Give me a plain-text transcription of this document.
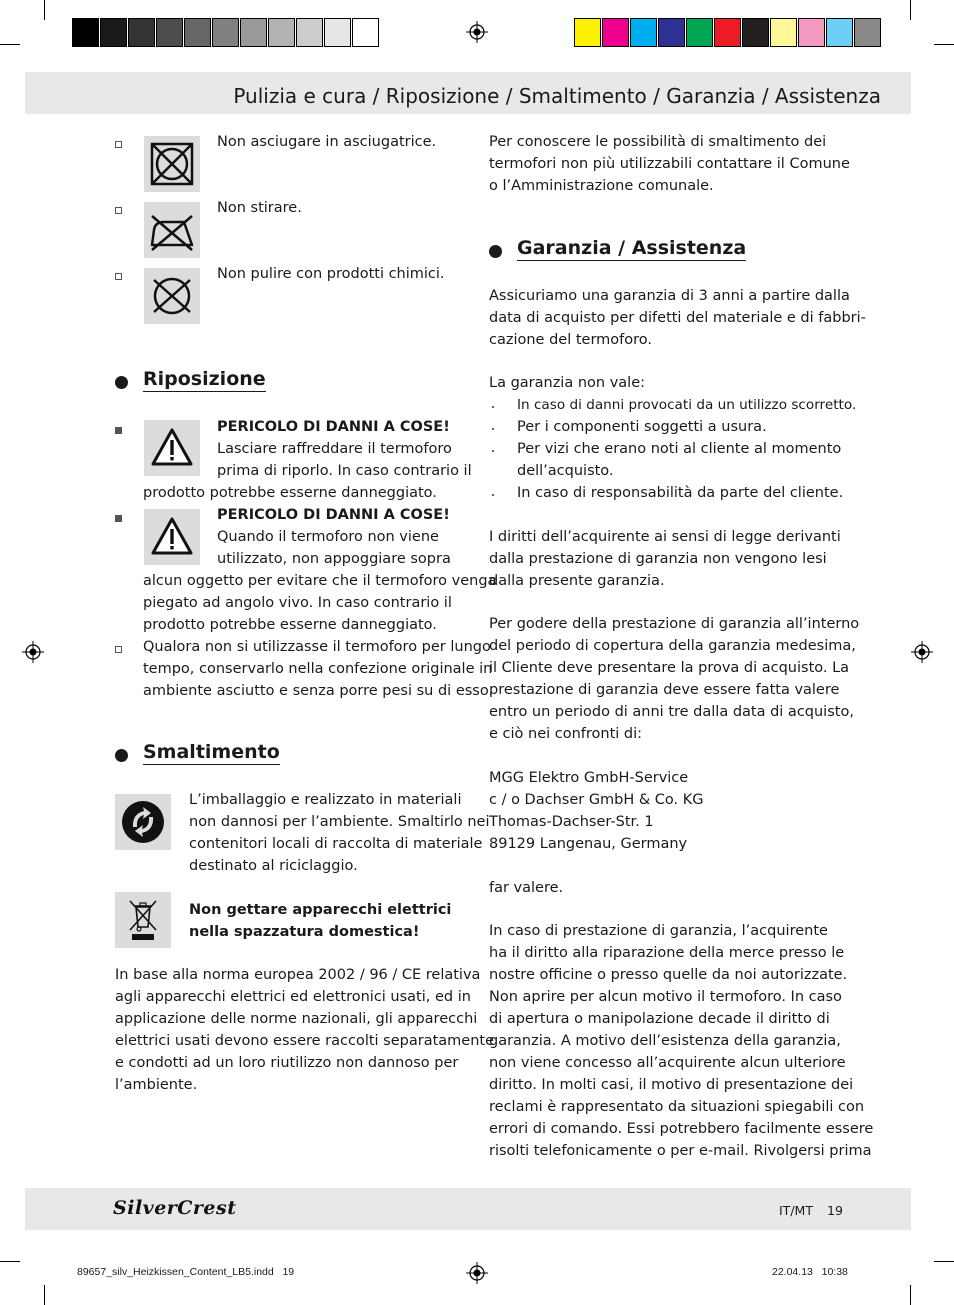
Pulizia e cura / Riposizione / Smaltimento / Garanzia / Assistenza
Non asciugare in asciugatrice.
Non stirare.
Non pulire con prodotti chimici.
Riposizione
PERICOLO DI DANNI A COSE!
Lasciare raffreddare il termoforo
prima di riporlo. In caso contrario il
prodotto potrebbe esserne danneggiato.
PERICOLO DI DANNI A COSE!
Quando il termoforo non viene
utilizzato, non appoggiare sopra
alcun oggetto per evitare che il termoforo venga
piegato ad angolo vivo. In caso contrario il
prodotto potrebbe esserne danneggiato.
Qualora non si utilizzasse il termoforo per lungo
tempo, conservarlo nella confezione originale in
ambiente asciutto e senza porre pesi su di esso.
Smaltimento
L’imballaggio e realizzato in materiali
non dannosi per l’ambiente. Smaltirlo nei
contenitori locali di raccolta di materiale
destinato al riciclaggio.
Non gettare apparecchi elettrici
nella spazzatura domestica!
In base alla norma europea 2002 / 96 / CE relativa
agli apparecchi elettrici ed elettronici usati, ed in
applicazione delle norme nazionali, gli apparecchi
elettrici usati devono essere raccolti separatamente
e condotti ad un loro riutilizzo non dannoso per
l’ambiente.
Per conoscere le possibilità di smaltimento dei
termofori non più utilizzabili contattare il Comune
o l’Amministrazione comunale.
Garanzia / Assistenza
Assicuriamo una garanzia di 3 anni a partire dalla
data di acquisto per difetti del materiale e di fabbri-
cazione del termoforo.
La garanzia non vale:
In caso di danni provocati da un utilizzo scorretto.
Per i componenti soggetti a usura.
Per vizi che erano noti al cliente al momento
dell’acquisto.
In caso di responsabilità da parte del cliente.
I diritti dell’acquirente ai sensi di legge derivanti
dalla prestazione di garanzia non vengono lesi
dalla presente garanzia.
Per godere della prestazione di garanzia all’interno
del periodo di copertura della garanzia medesima,
il Cliente deve presentare la prova di acquisto. La
prestazione di garanzia deve essere fatta valere
entro un periodo di anni tre dalla data di acquisto,
e ciò nei confronti di:
MGG Elektro GmbH-Service
c / o Dachser GmbH & Co. KG
Thomas-Dachser-Str. 1
89129 Langenau, Germany
far valere.
In caso di prestazione di garanzia, l’acquirente
ha il diritto alla riparazione della merce presso le
nostre officine o presso quelle da noi autorizzate.
Non aprire per alcun motivo il termoforo. In caso
di apertura o manipolazione decade il diritto di
garanzia. A motivo dell’esistenza della garanzia,
non viene concesso all’acquirente alcun ulteriore
diritto. In molti casi, il motivo di presentazione dei
reclami è rappresentato da situazioni spiegabili con
errori di comando. Essi potrebbero facilmente essere
risolti telefonicamente o per e-mail. Rivolgersi prima
SilverCrest	IT/MT 19
89657_silv_Heizkissen_Content_LB5.indd   19	22.04.13   10:38
